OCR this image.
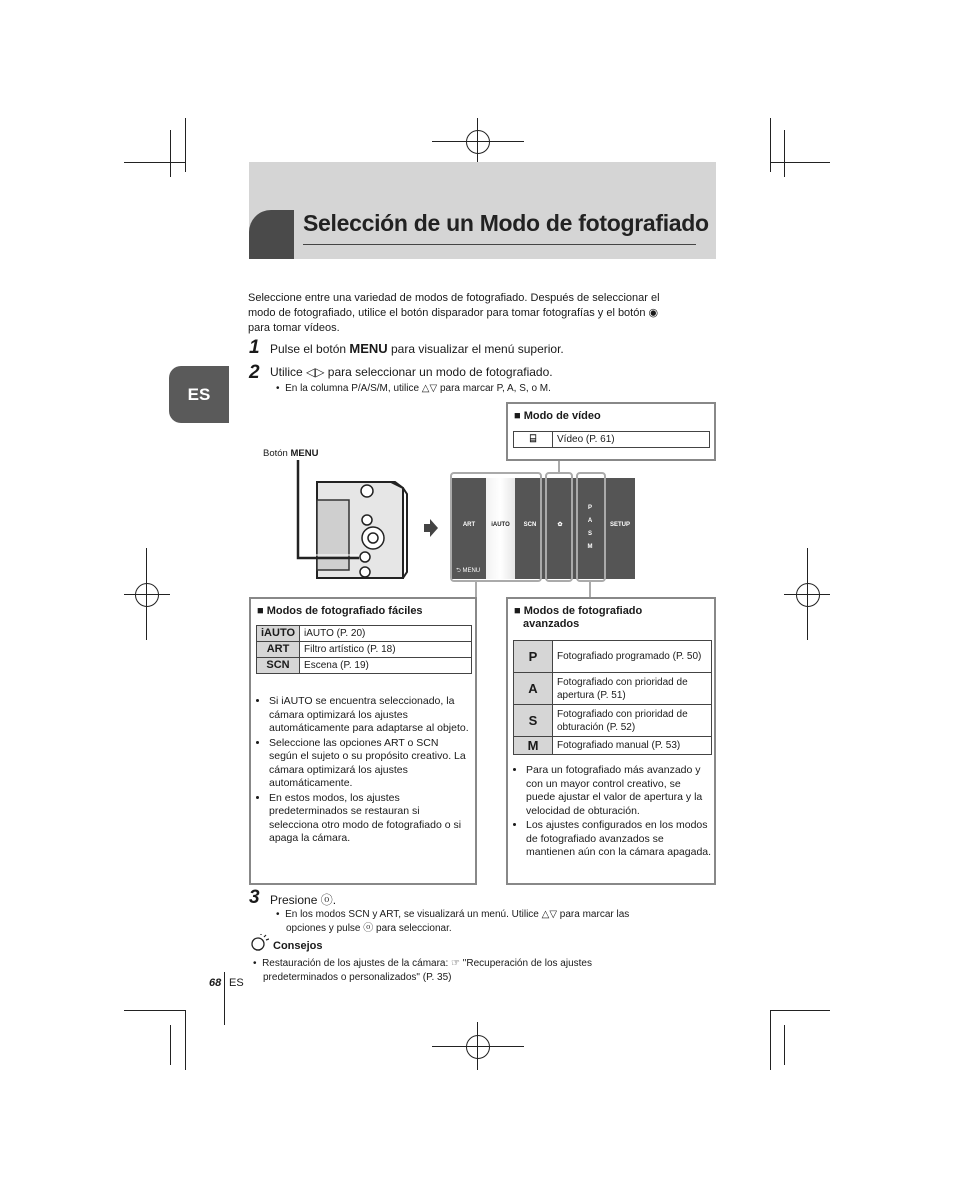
Selección de un Modo de fotografiado
ES
Seleccione entre una variedad de modos de fotografiado. Después de seleccionar el
modo de fotografiado, utilice el botón disparador para tomar fotografías y el botón ◉
para tomar vídeos.
1 Pulse el botón MENU para visualizar el menú superior.
2 Utilice ◁▷ para seleccionar un modo de fotografiado.
•  En la columna P/A/S/M, utilice △▽ para marcar P, A, S, o M.
■ Modo de vídeo
⌸	Vídeo (P. 61)
Botón MENU
ART	iAUTO	SCN	✿
P A S M
SETUP
⮌ MENU
■ Modos de fotografiado fáciles
iAUTO	iAUTO (P. 20)
ART	Filtro artístico (P. 18)
SCN	Escena (P. 19)
• Si iAUTO se encuentra seleccionado, la cámara optimizará los ajustes automáticamente para adaptarse al objeto.
• Seleccione las opciones ART o SCN según el sujeto o su propósito creativo. La cámara optimizará los ajustes automáticamente.
• En estos modos, los ajustes predeterminados se restauran si selecciona otro modo de fotografiado o si apaga la cámara.
■ Modos de fotografiado
avanzados
P	Fotografiado programado (P. 50)
A	Fotografiado con prioridad de apertura (P. 51)
S	Fotografiado con prioridad de obturación (P. 52)
M	Fotografiado manual (P. 53)
• Para un fotografiado más avanzado y con un mayor control creativo, se puede ajustar el valor de apertura y la velocidad de obturación.
• Los ajustes configurados en los modos de fotografiado avanzados se mantienen aún con la cámara apagada.
3 Presione ⓞ.
•  En los modos SCN y ART, se visualizará un menú. Utilice △▽ para marcar las
opciones y pulse ⓞ para seleccionar.
Consejos
•  Restauración de los ajustes de la cámara: ☞ "Recuperación de los ajustes
predeterminados o personalizados" (P. 35)
68 ES
